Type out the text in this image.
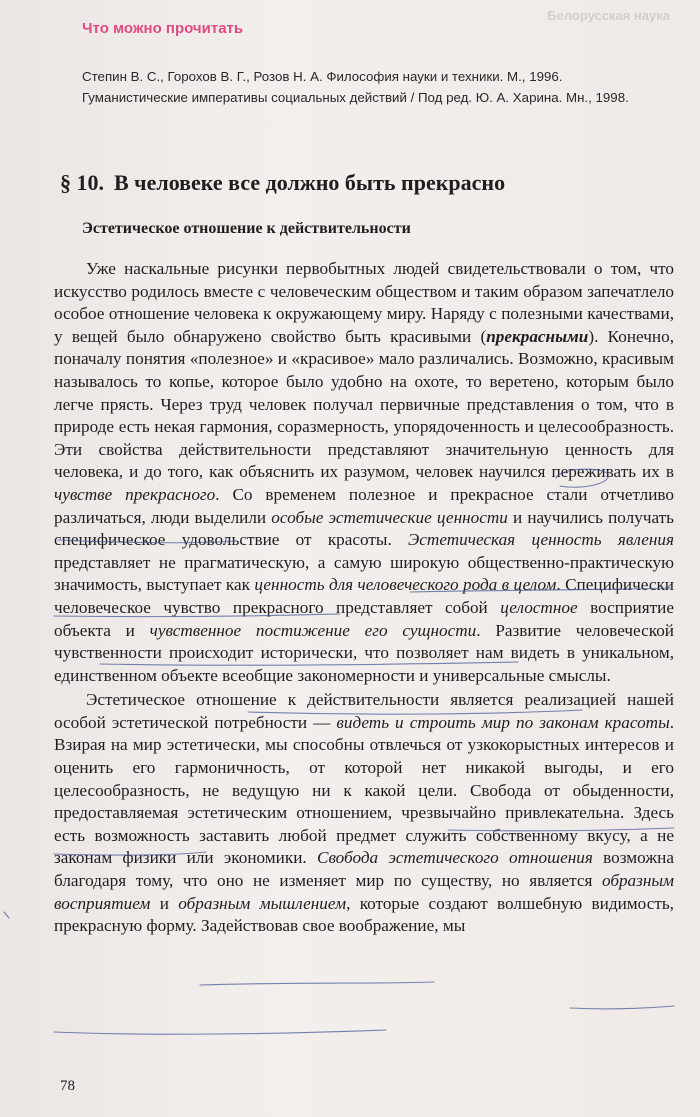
Белорусская наука
Что можно прочитать

Степин В. С., Горохов В. Г., Розов Н. А. Философия науки и техники. М., 1996.

Гуманистические императивы социальных действий / Под ред. Ю. А. Харина. Мн., 1998.

§ 10. В человеке все должно быть прекрасно
Эстетическое отношение к действительности

Уже наскальные рисунки первобытных людей свидетельствовали о том, что искусство родилось вместе с человеческим обществом и таким образом запечатлело особое отношение человека к окружающему миру. Наряду с полезными качествами, у вещей было обнаружено свойство быть красивыми (прекрасными). Конечно, поначалу понятия «полезное» и «красивое» мало различались. Возможно, красивым называлось то копье, которое было удобно на охоте, то веретено, которым было легче прясть. Через труд человек получал первичные представления о том, что в природе есть некая гармония, соразмерность, упорядоченность и целесообразность. Эти свойства действительности представляют значительную ценность для человека, и до того, как объяснить их разумом, человек научился переживать их в чувстве прекрасного. Со временем полезное и прекрасное стали отчетливо различаться, люди выделили особые эстетические ценности и научились получать специфическое удовольствие от красоты. Эстетическая ценность явления представляет не прагматическую, а самую широкую общественно-практическую значимость, выступает как ценность для человеческого рода в целом. Специфически человеческое чувство прекрасного представляет собой целостное восприятие объекта и чувственное постижение его сущности. Развитие человеческой чувственности происходит исторически, что позволяет нам видеть в уникальном, единственном объекте всеобщие закономерности и универсальные смыслы.

Эстетическое отношение к действительности является реализацией нашей особой эстетической потребности — видеть и строить мир по законам красоты. Взирая на мир эстетически, мы способны отвлечься от узкокорыстных интересов и оценить его гармоничность, от которой нет никакой выгоды, и его целесообразность, не ведущую ни к какой цели. Свобода от обыденности, предоставляемая эстетическим отношением, чрезвычайно привлекательна. Здесь есть возможность заставить любой предмет служить собственному вкусу, а не законам физики или экономики. Свобода эстетического отношения возможна благодаря тому, что оно не изменяет мир по существу, но является образным восприятием и образным мышлением, которые создают волшебную видимость, прекрасную форму. Задействовав свое воображение, мы

78
